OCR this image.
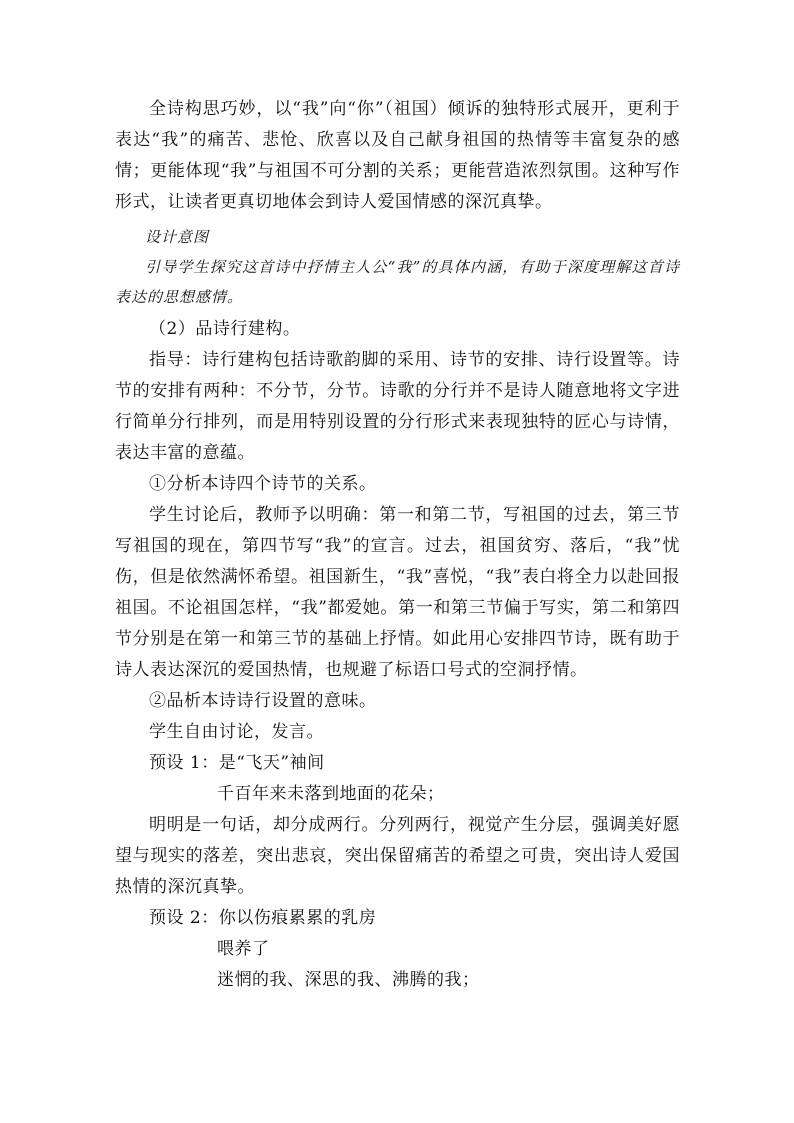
全诗构思巧妙，以“我”向“你”（祖国）倾诉的独特形式展开，更利于表达“我”的痛苦、悲怆、欣喜以及自己献身祖国的热情等丰富复杂的感情；更能体现“我”与祖国不可分割的关系；更能营造浓烈氛围。这种写作形式，让读者更真切地体会到诗人爱国情感的深沉真挚。

设计意图

引导学生探究这首诗中抒情主人公“我”的具体内涵，有助于深度理解这首诗表达的思想感情。

（2）品诗行建构。

指导：诗行建构包括诗歌韵脚的采用、诗节的安排、诗行设置等。诗节的安排有两种：不分节，分节。诗歌的分行并不是诗人随意地将文字进行简单分行排列，而是用特别设置的分行形式来表现独特的匠心与诗情，表达丰富的意蕴。

①分析本诗四个诗节的关系。

学生讨论后，教师予以明确：第一和第二节，写祖国的过去，第三节写祖国的现在，第四节写“我”的宣言。过去，祖国贫穷、落后，“我”忧伤，但是依然满怀希望。祖国新生，“我”喜悦，“我”表白将全力以赴回报祖国。不论祖国怎样，“我”都爱她。第一和第三节偏于写实，第二和第四节分别是在第一和第三节的基础上抒情。如此用心安排四节诗，既有助于诗人表达深沉的爱国热情，也规避了标语口号式的空洞抒情。

②品析本诗诗行设置的意味。

学生自由讨论，发言。

预设 1：是“飞天”袖间

千百年来未落到地面的花朵；

明明是一句话，却分成两行。分列两行，视觉产生分层，强调美好愿望与现实的落差，突出悲哀，突出保留痛苦的希望之可贵，突出诗人爱国热情的深沉真挚。

预设 2：你以伤痕累累的乳房

喂养了

迷惘的我、深思的我、沸腾的我；
